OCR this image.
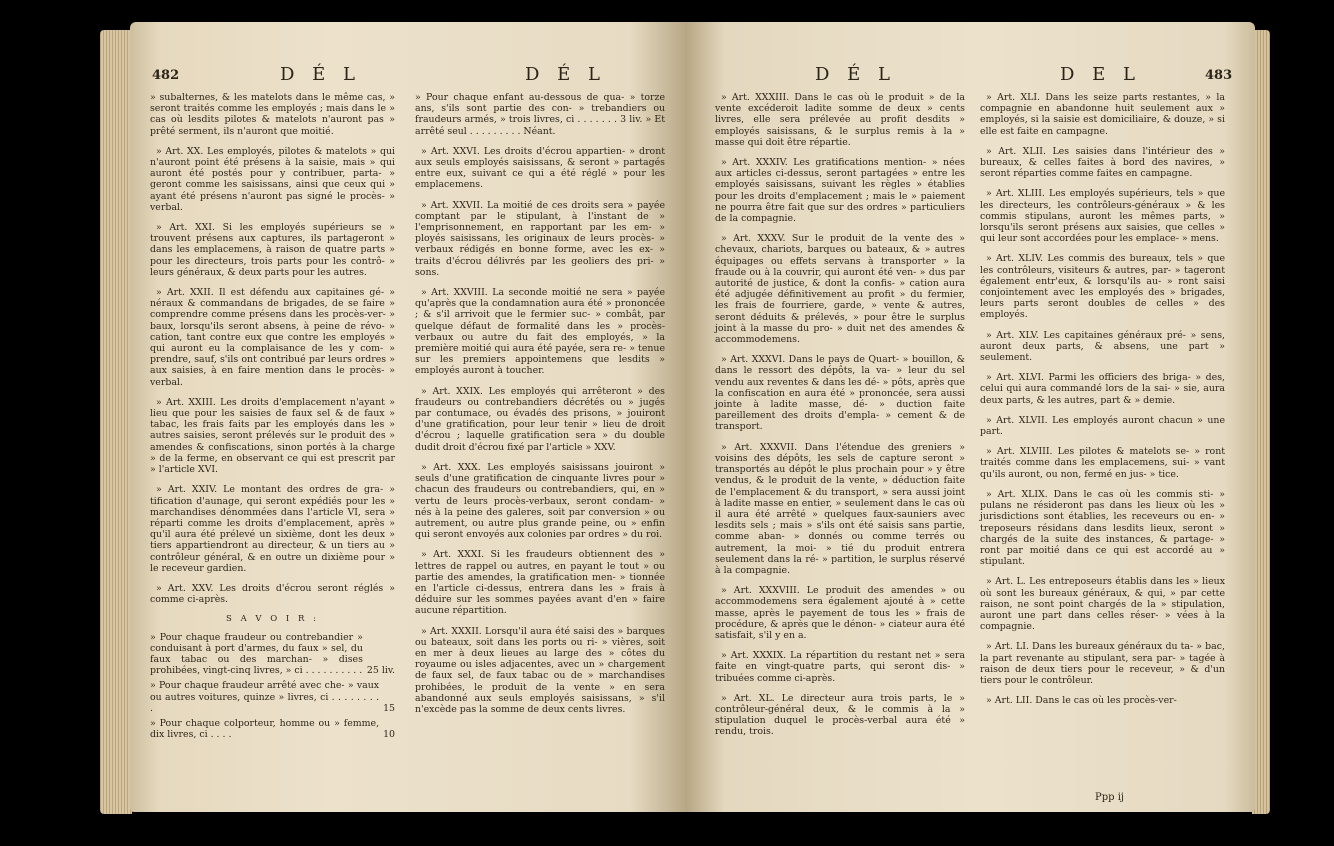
482	D É L	D É L

» subalternes, & les matelots dans le même cas, » seront traités comme les employés ; mais dans le » cas où lesdits pilotes & matelots n'auront pas » prêté serment, ils n'auront que moitié.

» Art. XX. Les employés, pilotes & matelots » qui n'auront point été présens à la saisie, mais » qui auront été postés pour y contribuer, parta- » geront comme les saisissans, ainsi que ceux qui » ayant été présens n'auront pas signé le procès- » verbal.

» Art. XXI. Si les employés supérieurs se » trouvent présens aux captures, ils partageront » dans les emplacemens, à raison de quatre parts » pour les directeurs, trois parts pour les contrô- » leurs généraux, & deux parts pour les autres.

» Art. XXII. Il est défendu aux capitaines gé- » néraux & commandans de brigades, de se faire » comprendre comme présens dans les procès-ver- » baux, lorsqu'ils seront absens, à peine de révo- » cation, tant contre eux que contre les employés » qui auront eu la complaisance de les y com- » prendre, sauf, s'ils ont contribué par leurs ordres » aux saisies, à en faire mention dans le procès- » verbal.

» Art. XXIII. Les droits d'emplacement n'ayant » lieu que pour les saisies de faux sel & de faux » tabac, les frais faits par les employés dans les » autres saisies, seront prélevés sur le produit des » amendes & confiscations, sinon portés à la charge » de la ferme, en observant ce qui est prescrit par » l'article XVI.

» Art. XXIV. Le montant des ordres de gra- » tification d'aunage, qui seront expédiés pour les » marchandises dénommées dans l'article VI, sera » réparti comme les droits d'emplacement, après » qu'il aura été prélevé un sixième, dont les deux » tiers appartiendront au directeur, & un tiers au » contrôleur général, & en outre un dixième pour » le receveur gardien.

» Art. XXV. Les droits d'écrou seront réglés » comme ci-après.

S A V O I R :
» Pour chaque fraudeur ou contrebandier » conduisant à port d'armes, du faux » sel, du faux tabac ou des marchan- » dises prohibées, vingt-cinq livres, » ci . . . . . . . . . . 25 liv.
» Pour chaque fraudeur arrêté avec che- » vaux ou autres voitures, quinze » livres, ci . . . . . . . . .	15
» Pour chaque colporteur, homme ou » femme, dix livres, ci . . . .	10

» Pour chaque enfant au-dessous de qua- » torze ans, s'ils sont partie des con- » trebandiers ou fraudeurs armés, » trois livres, ci . . . . . . . 3 liv. » Et arrêté seul . . . . . . . . . Néant.

» Art. XXVI. Les droits d'écrou appartien- » dront aux seuls employés saisissans, & seront » partagés entre eux, suivant ce qui a été réglé » pour les emplacemens.

» Art. XXVII. La moitié de ces droits sera » payée comptant par le stipulant, à l'instant de » l'emprisonnement, en rapportant par les em- » ployés saisissans, les originaux de leurs procès- » verbaux rédigés en bonne forme, avec les ex- » traits d'écrou délivrés par les geoliers des pri- » sons.

» Art. XXVIII. La seconde moitié ne sera » payée qu'après que la condamnation aura été » prononcée ; & s'il arrivoit que le fermier suc- » combât, par quelque défaut de formalité dans les » procès-verbaux ou autre du fait des employés, » la première moitié qui aura été payée, sera re- » tenue sur les premiers appointemens que lesdits » employés auront à toucher.

» Art. XXIX. Les employés qui arrêteront » des fraudeurs ou contrebandiers décrétés ou » jugés par contumace, ou évadés des prisons, » jouiront d'une gratification, pour leur tenir » lieu de droit d'écrou ; laquelle gratification sera » du double dudit droit d'écrou fixé par l'article » XXV.

» Art. XXX. Les employés saisissans jouiront » seuls d'une gratification de cinquante livres pour » chacun des fraudeurs ou contrebandiers, qui, en » vertu de leurs procès-verbaux, seront condam- » nés à la peine des galeres, soit par conversion » ou autrement, ou autre plus grande peine, ou » enfin qui seront envoyés aux colonies par ordres » du roi.

» Art. XXXI. Si les fraudeurs obtiennent des » lettres de rappel ou autres, en payant le tout » ou partie des amendes, la gratification men- » tionnée en l'article ci-dessus, entrera dans les » frais à déduire sur les sommes payées avant d'en » faire aucune répartition.

» Art. XXXII. Lorsqu'il aura été saisi des » barques ou bateaux, soit dans les ports ou ri- » vières, soit en mer à deux lieues au large des » côtes du royaume ou isles adjacentes, avec un » chargement de faux sel, de faux tabac ou de » marchandises prohibées, le produit de la vente » en sera abandonné aux seuls employés saisissans, » s'il n'excède pas la somme de deux cents livres.

D É L	D E L	483

» Art. XXXIII. Dans le cas où le produit » de la vente excéderoit ladite somme de deux » cents livres, elle sera prélevée au profit desdits » employés saisissans, & le surplus remis à la » masse qui doit être répartie.

» Art. XXXIV. Les gratifications mention- » nées aux articles ci-dessus, seront partagées » entre les employés saisissans, suivant les règles » établies pour les droits d'emplacement ; mais le » paiement ne pourra être fait que sur des ordres » particuliers de la compagnie.

» Art. XXXV. Sur le produit de la vente des » chevaux, chariots, barques ou bateaux, & » autres équipages ou effets servans à transporter » la fraude ou à la couvrir, qui auront été ven- » dus par autorité de justice, & dont la confis- » cation aura été adjugée définitivement au profit » du fermier, les frais de fourriere, garde, » vente & autres, seront déduits & prélevés, » pour être le surplus joint à la masse du pro- » duit net des amendes & accommodemens.

» Art. XXXVI. Dans le pays de Quart- » bouillon, & dans le ressort des dépôts, la va- » leur du sel vendu aux reventes & dans les dé- » pôts, après que la confiscation en aura été » prononcée, sera aussi jointe à ladite masse, dé- » duction faite pareillement des droits d'empla- » cement & de transport.

» Art. XXXVII. Dans l'étendue des greniers » voisins des dépôts, les sels de capture seront » transportés au dépôt le plus prochain pour » y être vendus, & le produit de la vente, » déduction faite de l'emplacement & du transport, » sera aussi joint à ladite masse en entier, » seulement dans le cas où il aura été arrêté » quelques faux-sauniers avec lesdits sels ; mais » s'ils ont été saisis sans partie, comme aban- » donnés ou comme terrés ou autrement, la moi- » tié du produit entrera seulement dans la ré- » partition, le surplus réservé à la compagnie.

» Art. XXXVIII. Le produit des amendes » ou accommodemens sera également ajouté à » cette masse, après le payement de tous les » frais de procédure, & après que le dénon- » ciateur aura été satisfait, s'il y en a.

» Art. XXXIX. La répartition du restant net » sera faite en vingt-quatre parts, qui seront dis- » tribuées comme ci-après.

» Art. XL. Le directeur aura trois parts, le » contrôleur-général deux, & le commis à la » stipulation duquel le procès-verbal aura été » rendu, trois.

» Art. XLI. Dans les seize parts restantes, » la compagnie en abandonne huit seulement aux » employés, si la saisie est domiciliaire, & douze, » si elle est faite en campagne.

» Art. XLII. Les saisies dans l'intérieur des » bureaux, & celles faites à bord des navires, » seront réparties comme faites en campagne.

» Art. XLIII. Les employés supérieurs, tels » que les directeurs, les contrôleurs-généraux » & les commis stipulans, auront les mêmes parts, » lorsqu'ils seront présens aux saisies, que celles » qui leur sont accordées pour les emplace- » mens.

» Art. XLIV. Les commis des bureaux, tels » que les contrôleurs, visiteurs & autres, par- » tageront également entr'eux, & lorsqu'ils au- » ront saisi conjointement avec les employés des » brigades, leurs parts seront doubles de celles » des employés.

» Art. XLV. Les capitaines généraux pré- » sens, auront deux parts, & absens, une part » seulement.

» Art. XLVI. Parmi les officiers des briga- » des, celui qui aura commandé lors de la sai- » sie, aura deux parts, & les autres, part & » demie.

» Art. XLVII. Les employés auront chacun » une part.

» Art. XLVIII. Les pilotes & matelots se- » ront traités comme dans les emplacemens, sui- » vant qu'ils auront, ou non, fermé en jus- » tice.

» Art. XLIX. Dans le cas où les commis sti- » pulans ne résideront pas dans les lieux où les » jurisdictions sont établies, les receveurs ou en- » treposeurs résidans dans lesdits lieux, seront » chargés de la suite des instances, & partage- » ront par moitié dans ce qui est accordé au » stipulant.

» Art. L. Les entreposeurs établis dans les » lieux où sont les bureaux généraux, & qui, » par cette raison, ne sont point chargés de la » stipulation, auront une part dans celles réser- » vées à la compagnie.

» Art. LI. Dans les bureaux généraux du ta- » bac, la part revenante au stipulant, sera par- » tagée à raison de deux tiers pour le receveur, » & d'un tiers pour le contrôleur.

» Art. LII. Dans le cas où les procès-ver-

Ppp ij
